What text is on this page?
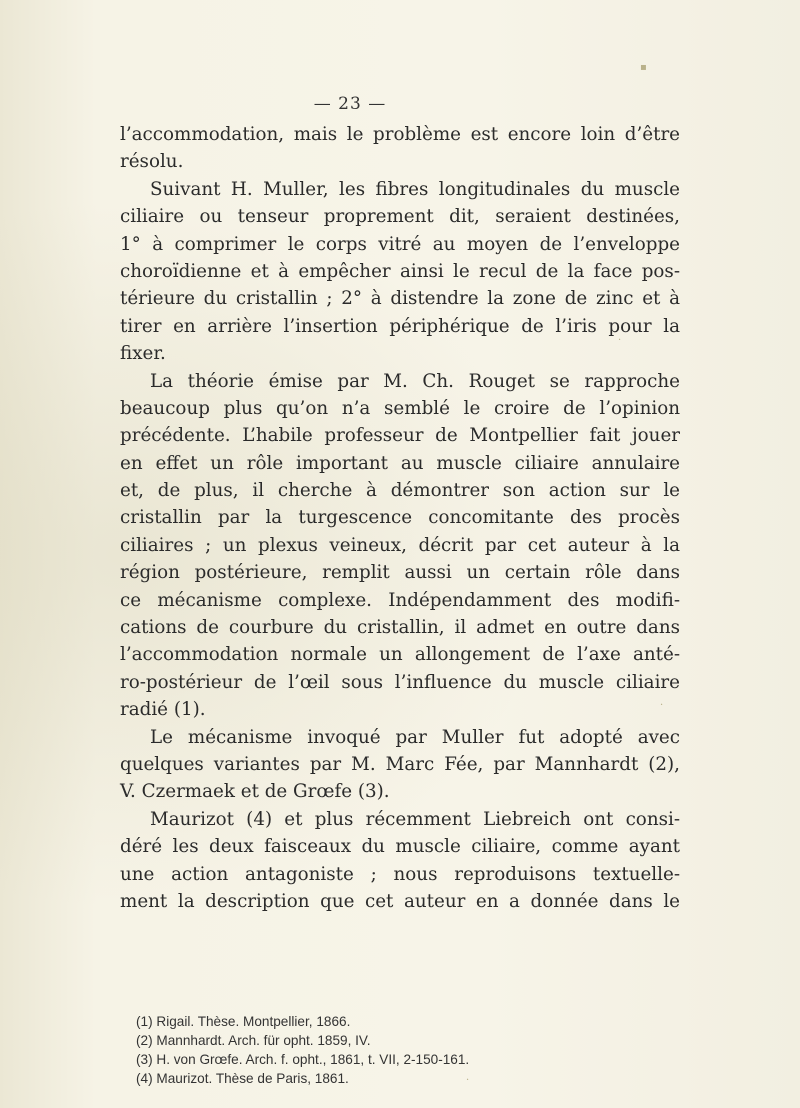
— 23 —
l’accommodation, mais le problème est encore loin d’être
résolu.
Suivant H. Muller, les fibres longitudinales du muscle
ciliaire ou tenseur proprement dit, seraient destinées,
1° à comprimer le corps vitré au moyen de l’enveloppe
choroïdienne et à empêcher ainsi le recul de la face pos-
térieure du cristallin ; 2° à distendre la zone de zinc et à
tirer en arrière l’insertion périphérique de l’iris pour la
fixer.
La théorie émise par M. Ch. Rouget se rapproche
beaucoup plus qu’on n’a semblé le croire de l’opinion
précédente. L’habile professeur de Montpellier fait jouer
en effet un rôle important au muscle ciliaire annulaire
et, de plus, il cherche à démontrer son action sur le
cristallin par la turgescence concomitante des procès
ciliaires ; un plexus veineux, décrit par cet auteur à la
région postérieure, remplit aussi un certain rôle dans
ce mécanisme complexe. Indépendamment des modifi-
cations de courbure du cristallin, il admet en outre dans
l’accommodation normale un allongement de l’axe anté-
ro-postérieur de l’œil sous l’influence du muscle ciliaire
radié (1).
Le mécanisme invoqué par Muller fut adopté avec
quelques variantes par M. Marc Fée, par Mannhardt (2),
V. Czermaek et de Grœfe (3).
Maurizot (4) et plus récemment Liebreich ont consi-
déré les deux faisceaux du muscle ciliaire, comme ayant
une action antagoniste ; nous reproduisons textuelle-
ment la description que cet auteur en a donnée dans le
(1) Rigail. Thèse. Montpellier, 1866.
(2) Mannhardt. Arch. für opht. 1859, IV.
(3) H. von Grœfe. Arch. f. opht., 1861, t. VII, 2-150-161.
(4) Maurizot. Thèse de Paris, 1861.
▪
·
·
·
